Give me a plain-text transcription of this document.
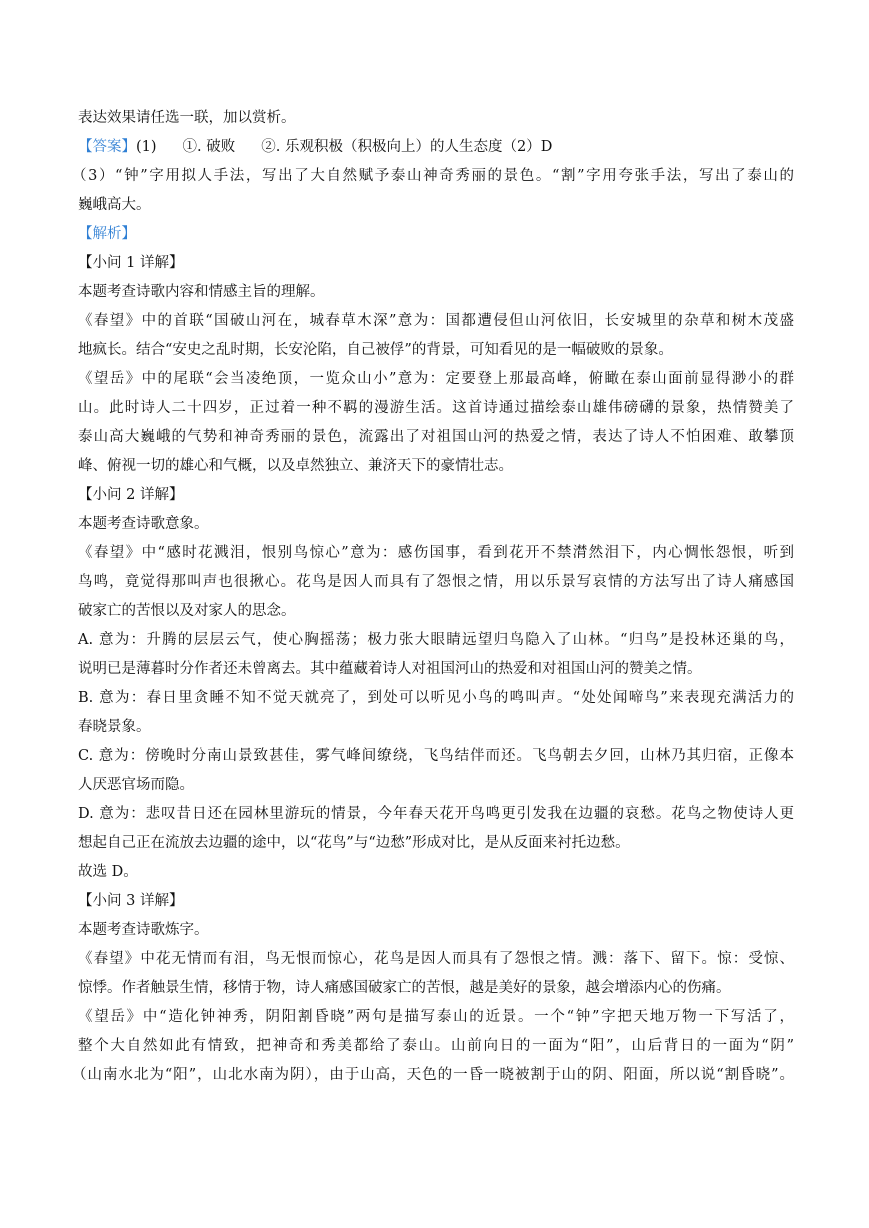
表达效果请任选一联，加以赏析。
【答案】(1) ①. 破败 ②. 乐观积极（积极向上）的人生态度（2）D
（3）“钟”字用拟人手法，写出了大自然赋予泰山神奇秀丽的景色。“割”字用夸张手法，写出了泰山的
巍峨高大。
【解析】
【小问 1 详解】
本题考查诗歌内容和情感主旨的理解。
《春望》中的首联“国破山河在，城春草木深”意为：国都遭侵但山河依旧，长安城里的杂草和树木茂盛
地疯长。结合“安史之乱时期，长安沦陷，自己被俘”的背景，可知看见的是一幅破败的景象。
《望岳》中的尾联“会当凌绝顶，一览众山小”意为：定要登上那最高峰，俯瞰在泰山面前显得渺小的群
山。此时诗人二十四岁，正过着一种不羁的漫游生活。这首诗通过描绘泰山雄伟磅礴的景象，热情赞美了
泰山高大巍峨的气势和神奇秀丽的景色，流露出了对祖国山河的热爱之情，表达了诗人不怕困难、敢攀顶
峰、俯视一切的雄心和气概，以及卓然独立、兼济天下的豪情壮志。
【小问 2 详解】
本题考查诗歌意象。
《春望》中“感时花溅泪，恨别鸟惊心”意为：感伤国事，看到花开不禁潸然泪下，内心惆怅怨恨，听到
鸟鸣，竟觉得那叫声也很揪心。花鸟是因人而具有了怨恨之情，用以乐景写哀情的方法写出了诗人痛感国
破家亡的苦恨以及对家人的思念。
A. 意为：升腾的层层云气，使心胸摇荡；极力张大眼睛远望归鸟隐入了山林。“归鸟”是投林还巢的鸟，
说明已是薄暮时分作者还未曾离去。其中蕴藏着诗人对祖国河山的热爱和对祖国山河的赞美之情。
B. 意为：春日里贪睡不知不觉天就亮了，到处可以听见小鸟的鸣叫声。“处处闻啼鸟”来表现充满活力的
春晓景象。
C. 意为：傍晚时分南山景致甚佳，雾气峰间缭绕，飞鸟结伴而还。飞鸟朝去夕回，山林乃其归宿，正像本
人厌恶官场而隐。
D. 意为：悲叹昔日还在园林里游玩的情景，今年春天花开鸟鸣更引发我在边疆的哀愁。花鸟之物使诗人更
想起自己正在流放去边疆的途中，以“花鸟”与“边愁”形成对比，是从反面来衬托边愁。
故选 D。
【小问 3 详解】
本题考查诗歌炼字。
《春望》中花无情而有泪，鸟无恨而惊心，花鸟是因人而具有了怨恨之情。溅：落下、留下。惊：受惊、
惊悸。作者触景生情，移情于物，诗人痛感国破家亡的苦恨，越是美好的景象，越会增添内心的伤痛。
《望岳》中“造化钟神秀，阴阳割昏晓”两句是描写泰山的近景。一个“钟”字把天地万物一下写活了，
整个大自然如此有情致，把神奇和秀美都给了泰山。山前向日的一面为“阳”，山后背日的一面为“阴”
（山南水北为“阳”，山北水南为阴），由于山高，天色的一昏一晓被割于山的阴、阳面，所以说“割昏晓”。
